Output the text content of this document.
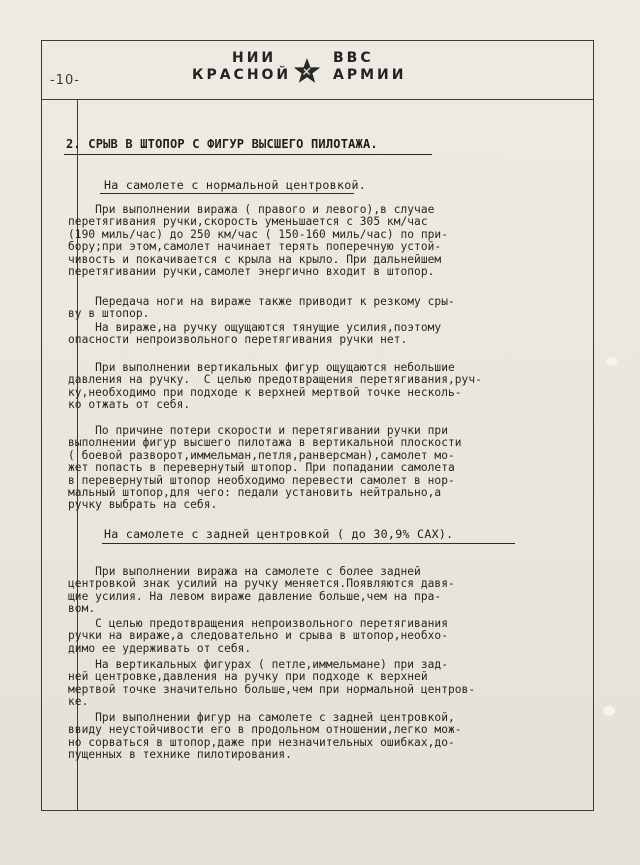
-10-
НИИ	ВВС
КРАСНОЙ	АРМИИ
2. СРЫВ В ШТОПОР С ФИГУР ВЫСШЕГО ПИЛОТАЖА.
На самолете с нормальной центровкой.
При выполнении виража ( правого и левого),в случае
перетягивания ручки,скорость уменьшается с 305 км/час
(190 миль/час) до 250 км/час ( 150-160 миль/час) по при-
бору;при этом,самолет начинает терять поперечную устой-
чивость и покачивается с крыла на крыло. При дальнейшем
перетягивании ручки,самолет энергично входит в штопор.
Передача ноги на вираже также приводит к резкому сры-
ву в штопор.
На вираже,на ручку ощущаются тянущие усилия,поэтому
опасности непроизвольного перетягивания ручки нет.
При выполнении вертикальных фигур ощущаются небольшие
давления на ручку.  С целью предотвращения перетягивания,руч-
ку,необходимо при подходе к верхней мертвой точке несколь-
ко отжать от себя.
По причине потери скорости и перетягивании ручки при
выполнении фигур высшего пилотажа в вертикальной плоскости
( боевой разворот,иммельман,петля,ранверсман),самолет мо-
жет попасть в перевернутый штопор. При попадании самолета
в перевернутый штопор необходимо перевести самолет в нор-
мальный штопор,для чего: педали установить нейтрально,а
ручку выбрать на себя.
На самолете с задней центровкой ( до 30,9% САХ).
При выполнении виража на самолете с более задней
центровкой знак усилий на ручку меняется.Появляются давя-
щие усилия. На левом вираже давление больше,чем на пра-
вом.
С целью предотвращения непроизвольного перетягивания
ручки на вираже,а следовательно и срыва в штопор,необхо-
димо ее удерживать от себя.
На вертикальных фигурах ( петле,иммельмане) при зад-
ней центровке,давления на ручку при подходе к верхней
мертвой точке значительно больше,чем при нормальной центров-
ке.
При выполнении фигур на самолете с задней центровкой,
ввиду неустойчивости его в продольном отношении,легко мож-
но сорваться в штопор,даже при незначительных ошибках,до-
пущенных в технике пилотирования.
